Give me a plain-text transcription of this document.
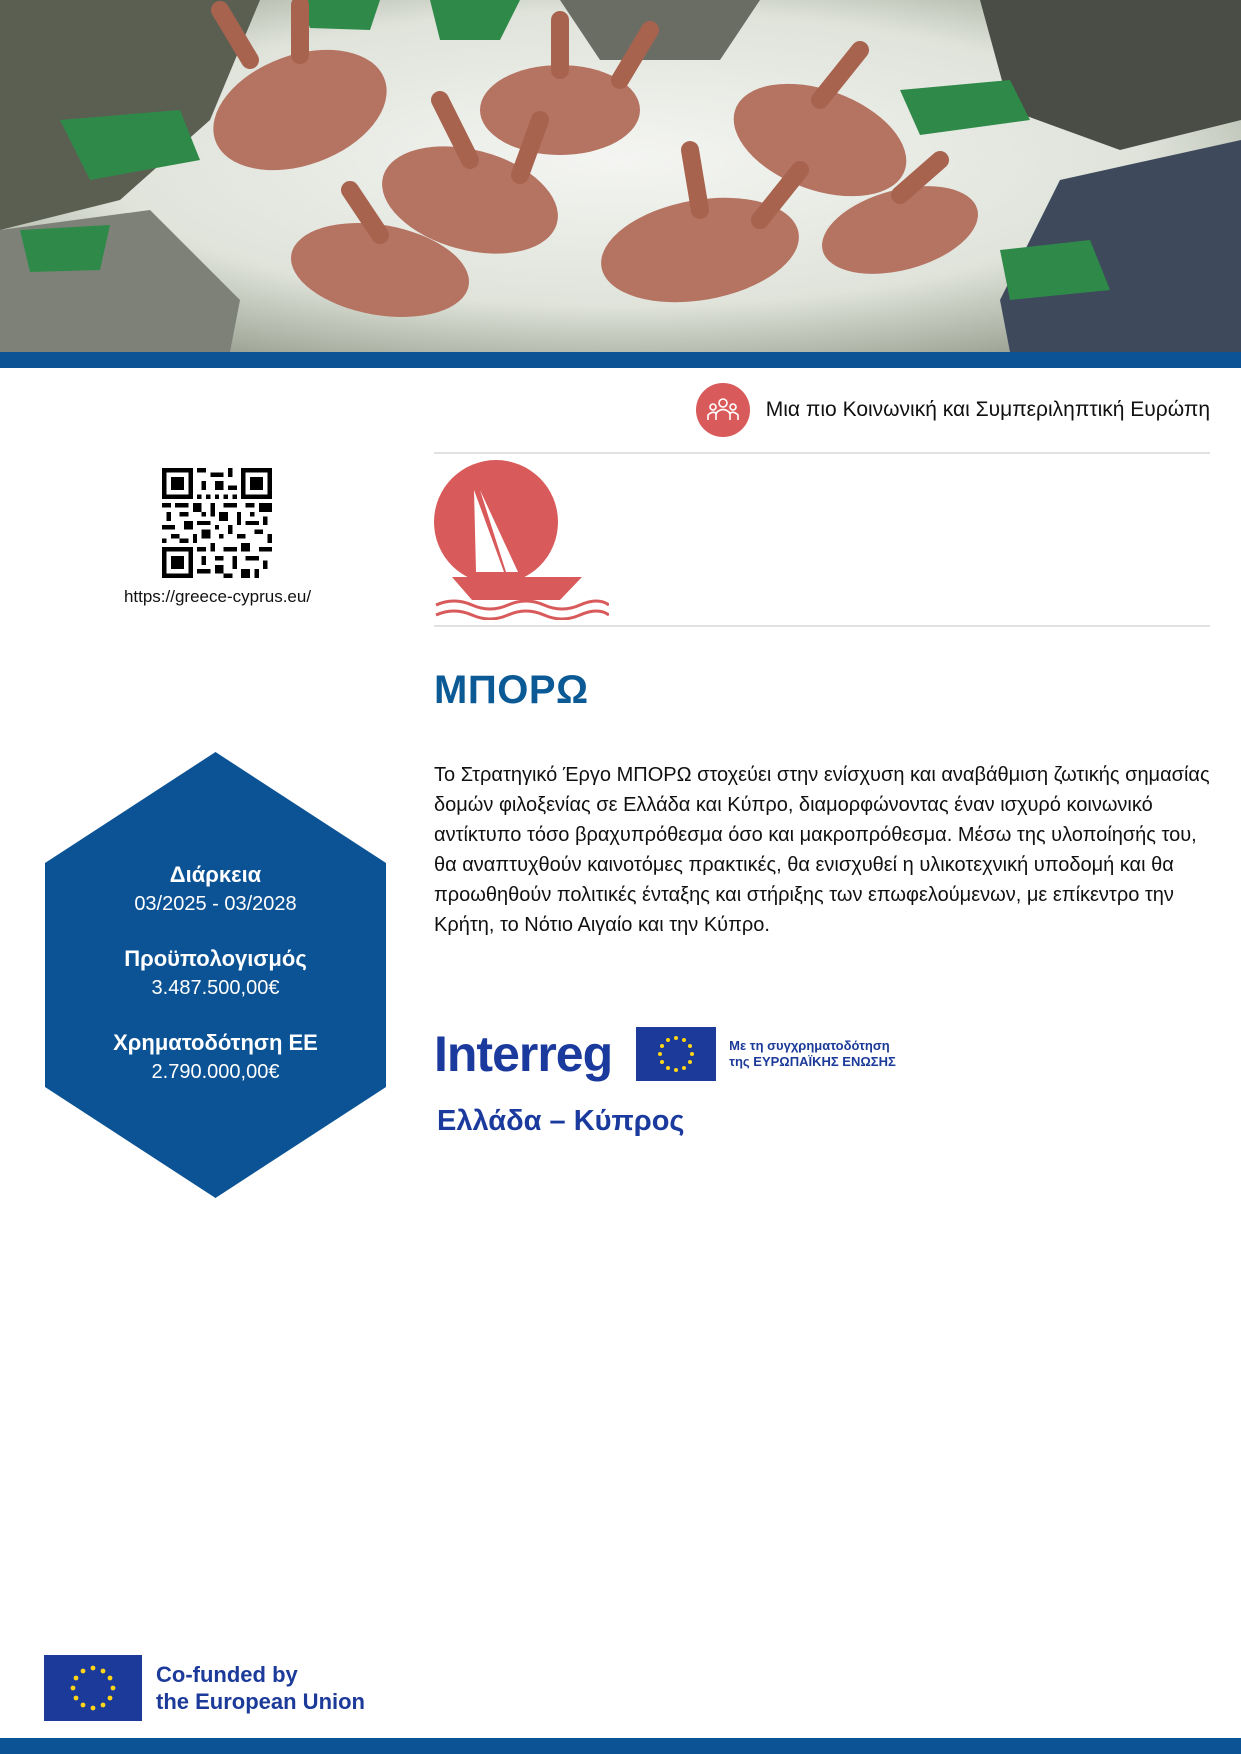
Μια πιο Κοινωνική και Συμπεριληπτική Ευρώπη
https://greece-cyprus.eu/
ΜΠΟΡΩ

Το Στρατηγικό Έργο ΜΠΟΡΩ στοχεύει στην ενίσχυση και αναβάθμιση ζωτικής σημασίας δομών φιλοξενίας σε Ελλάδα και Κύπρο, διαμορφώνοντας έναν ισχυρό κοινωνικό αντίκτυπο τόσο βραχυπρόθεσμα όσο και μακροπρόθεσμα. Μέσω της υλοποίησής του, θα αναπτυχθούν καινοτόμες πρακτικές, θα ενισχυθεί η υλικοτεχνική υποδομή και θα προωθηθούν πολιτικές ένταξης και στήριξης των επωφελούμενων, με επίκεντρο την Κρήτη, το Νότιο Αιγαίο και την Κύπρο.

Διάρκεια
03/2025 - 03/2028
Προϋπολογισμός
3.487.500,00€
Χρηματοδότηση ΕΕ
2.790.000,00€	Interreg	Με τη συγχρηματοδότηση
της ΕΥΡΩΠΑΪΚΗΣ ΕΝΩΣΗΣ
Ελλάδα – Κύπρος
Co-funded by
the European Union
